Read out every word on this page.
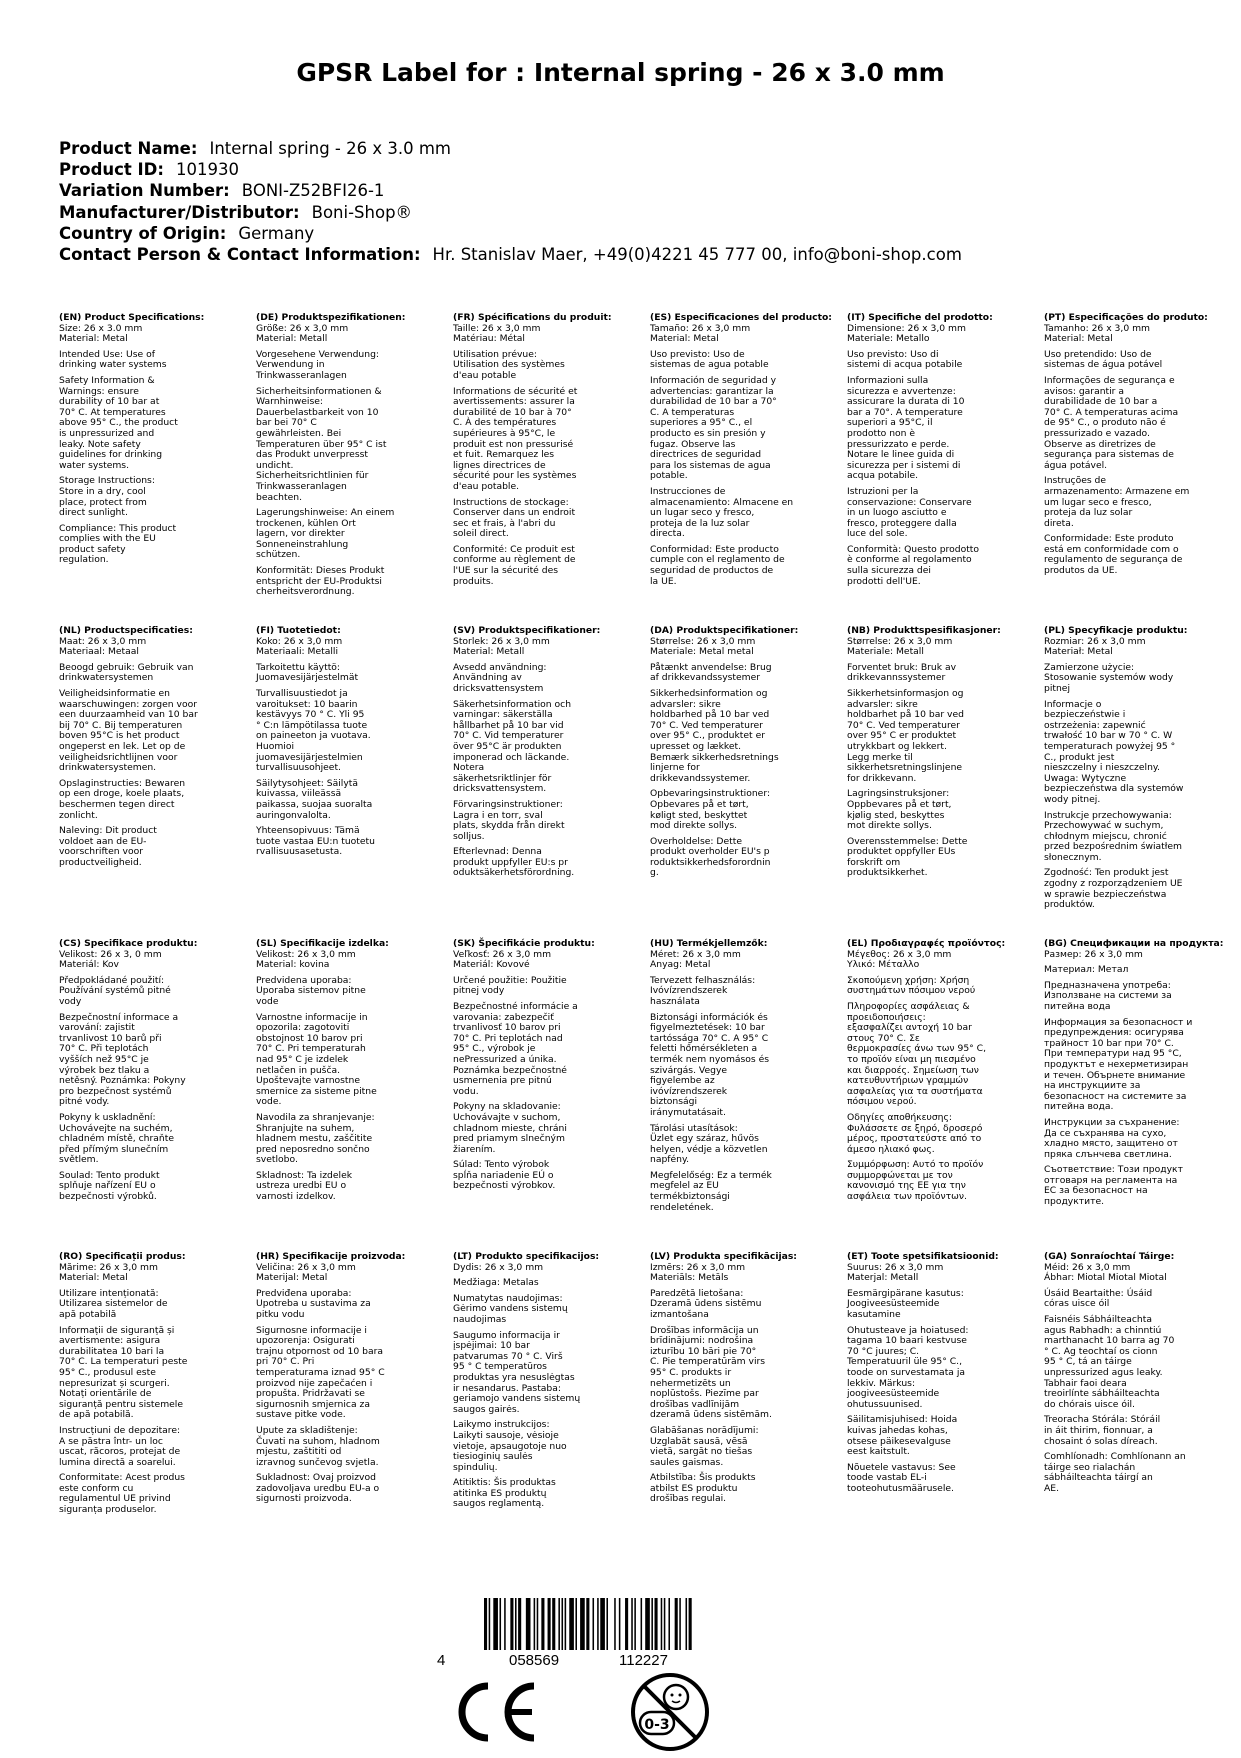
GPSR Label for : Internal spring - 26 x 3.0 mm
Product Name: Internal spring - 26 x 3.0 mm
Product ID: 101930
Variation Number: BONI-Z52BFI26-1
Manufacturer/Distributor: Boni-Shop®
Country of Origin: Germany
Contact Person & Contact Information: Hr. Stanislav Maer, +49(0)4221 45 777 00, info@boni-shop.com
(EN) Product Specifications:
Size: 26 x 3.0 mm
Material: Metal
Intended Use: Use of
drinking water systems
Safety Information &
Warnings: ensure
durability of 10 bar at
70° C. At temperatures
above 95° C., the product
is unpressurized and
leaky. Note safety
guidelines for drinking
water systems.
Storage Instructions:
Store in a dry, cool
place, protect from
direct sunlight.
Compliance: This product
complies with the EU
product safety
regulation.
(DE) Produktspezifikationen:
Größe: 26 x 3,0 mm
Material: Metall
Vorgesehene Verwendung:
Verwendung in
Trinkwasseranlagen
Sicherheitsinformationen &
Warnhinweise:
Dauerbelastbarkeit von 10
bar bei 70° C
gewährleisten. Bei
Temperaturen über 95° C ist
das Produkt unverpresst
undicht.
Sicherheitsrichtlinien für
Trinkwasseranlagen
beachten.
Lagerungshinweise: An einem
trockenen, kühlen Ort
lagern, vor direkter
Sonneneinstrahlung
schützen.
Konformität: Dieses Produkt
entspricht der EU-Produktsi
cherheitsverordnung.
(FR) Spécifications du produit:
Taille: 26 x 3,0 mm
Matériau: Métal
Utilisation prévue:
Utilisation des systèmes
d'eau potable
Informations de sécurité et
avertissements: assurer la
durabilité de 10 bar à 70°
C. À des températures
supérieures à 95°C, le
produit est non pressurisé
et fuit. Remarquez les
lignes directrices de
sécurité pour les systèmes
d'eau potable.
Instructions de stockage:
Conserver dans un endroit
sec et frais, à l'abri du
soleil direct.
Conformité: Ce produit est
conforme au règlement de
l'UE sur la sécurité des
produits.
(ES) Especificaciones del producto:
Tamaño: 26 x 3,0 mm
Material: Metal
Uso previsto: Uso de
sistemas de agua potable
Información de seguridad y
advertencias: garantizar la
durabilidad de 10 bar a 70°
C. A temperaturas
superiores a 95° C., el
producto es sin presión y
fugaz. Observe las
directrices de seguridad
para los sistemas de agua
potable.
Instrucciones de
almacenamiento: Almacene en
un lugar seco y fresco,
proteja de la luz solar
directa.
Conformidad: Este producto
cumple con el reglamento de
seguridad de productos de
la UE.
(IT) Specifiche del prodotto:
Dimensione: 26 x 3,0 mm
Materiale: Metallo
Uso previsto: Uso di
sistemi di acqua potabile
Informazioni sulla
sicurezza e avvertenze:
assicurare la durata di 10
bar a 70°. A temperature
superiori a 95°C, il
prodotto non è
pressurizzato e perde.
Notare le linee guida di
sicurezza per i sistemi di
acqua potabile.
Istruzioni per la
conservazione: Conservare
in un luogo asciutto e
fresco, proteggere dalla
luce del sole.
Conformità: Questo prodotto
è conforme al regolamento
sulla sicurezza dei
prodotti dell'UE.
(PT) Especificações do produto:
Tamanho: 26 x 3,0 mm
Material: Metal
Uso pretendido: Uso de
sistemas de água potável
Informações de segurança e
avisos: garantir a
durabilidade de 10 bar a
70° C. A temperaturas acima
de 95° C., o produto não é
pressurizado e vazado.
Observe as diretrizes de
segurança para sistemas de
água potável.
Instruções de
armazenamento: Armazene em
um lugar seco e fresco,
proteja da luz solar
direta.
Conformidade: Este produto
está em conformidade com o
regulamento de segurança de
produtos da UE.
(NL) Productspecificaties:
Maat: 26 x 3,0 mm
Materiaal: Metaal
Beoogd gebruik: Gebruik van
drinkwatersystemen
Veiligheidsinformatie en
waarschuwingen: zorgen voor
een duurzaamheid van 10 bar
bij 70° C. Bij temperaturen
boven 95°C is het product
ongeperst en lek. Let op de
veiligheidsrichtlijnen voor
drinkwatersystemen.
Opslaginstructies: Bewaren
op een droge, koele plaats,
beschermen tegen direct
zonlicht.
Naleving: Dit product
voldoet aan de EU-
voorschriften voor
productveiligheid.
(FI) Tuotetiedot:
Koko: 26 x 3,0 mm
Materiaali: Metalli
Tarkoitettu käyttö:
Juomavesijärjestelmät
Turvallisuustiedot ja
varoitukset: 10 baarin
kestävyys 70 ° C. Yli 95
° C:n lämpötilassa tuote
on paineeton ja vuotava.
Huomioi
juomavesijärjestelmien
turvallisuusohjeet.
Säilytysohjeet: Säilytä
kuivassa, viileässä
paikassa, suojaa suoralta
auringonvalolta.
Yhteensopivuus: Tämä
tuote vastaa EU:n tuotetu
rvallisuusasetusta.
(SV) Produktspecifikationer:
Storlek: 26 x 3,0 mm
Material: Metall
Avsedd användning:
Användning av
dricksvattensystem
Säkerhetsinformation och
varningar: säkerställa
hållbarhet på 10 bar vid
70° C. Vid temperaturer
över 95°C är produkten
imponerad och läckande.
Notera
säkerhetsriktlinjer för
dricksvattensystem.
Förvaringsinstruktioner:
Lagra i en torr, sval
plats, skydda från direkt
solljus.
Efterlevnad: Denna
produkt uppfyller EU:s pr
oduktsäkerhetsförordning.
(DA) Produktspecifikationer:
Størrelse: 26 x 3,0 mm
Materiale: Metal metal
Påtænkt anvendelse: Brug
af drikkevandssystemer
Sikkerhedsinformation og
advarsler: sikre
holdbarhed på 10 bar ved
70° C. Ved temperaturer
over 95° C., produktet er
upresset og lækket.
Bemærk sikkerhedsretnings
linjerne for
drikkevandssystemer.
Opbevaringsinstruktioner:
Opbevares på et tørt,
køligt sted, beskyttet
mod direkte sollys.
Overholdelse: Dette
produkt overholder EU's p
roduktsikkerhedsforordnin
g.
(NB) Produkttspesifikasjoner:
Størrelse: 26 x 3,0 mm
Materiale: Metall
Forventet bruk: Bruk av
drikkevannssystemer
Sikkerhetsinformasjon og
advarsler: sikre
holdbarhet på 10 bar ved
70° C. Ved temperaturer
over 95° C er produktet
utrykkbart og lekkert.
Legg merke til
sikkerhetsretningslinjene
for drikkevann.
Lagringsinstruksjoner:
Oppbevares på et tørt,
kjølig sted, beskyttes
mot direkte sollys.
Overensstemmelse: Dette
produktet oppfyller EUs
forskrift om
produktsikkerhet.
(PL) Specyfikacje produktu:
Rozmiar: 26 x 3,0 mm
Materiał: Metal
Zamierzone użycie:
Stosowanie systemów wody
pitnej
Informacje o
bezpieczeństwie i
ostrzeżenia: zapewnić
trwałość 10 bar w 70 ° C. W
temperaturach powyżej 95 °
C., produkt jest
nieszczelny i nieszczelny.
Uwaga: Wytyczne
bezpieczeństwa dla systemów
wody pitnej.
Instrukcje przechowywania:
Przechowywać w suchym,
chłodnym miejscu, chronić
przed bezpośrednim światłem
słonecznym.
Zgodność: Ten produkt jest
zgodny z rozporządzeniem UE
w sprawie bezpieczeństwa
produktów.
(CS) Specifikace produktu:
Velikost: 26 x 3, 0 mm
Materiál: Kov
Předpokládané použití:
Používání systémů pitné
vody
Bezpečnostní informace a
varování: zajistit
trvanlivost 10 barů při
70° C. Při teplotách
vyšších než 95°C je
výrobek bez tlaku a
netěsný. Poznámka: Pokyny
pro bezpečnost systémů
pitné vody.
Pokyny k uskladnění:
Uchovávejte na suchém,
chladném místě, chraňte
před přímým slunečním
světlem.
Soulad: Tento produkt
splňuje nařízení EU o
bezpečnosti výrobků.
(SL) Specifikacije izdelka:
Velikost: 26 x 3,0 mm
Material: kovina
Predvidena uporaba:
Uporaba sistemov pitne
vode
Varnostne informacije in
opozorila: zagotoviti
obstojnost 10 barov pri
70° C. Pri temperaturah
nad 95° C je izdelek
netlačen in pušča.
Upoštevajte varnostne
smernice za sisteme pitne
vode.
Navodila za shranjevanje:
Shranjujte na suhem,
hladnem mestu, zaščitite
pred neposredno sončno
svetlobo.
Skladnost: Ta izdelek
ustreza uredbi EU o
varnosti izdelkov.
(SK) Špecifikácie produktu:
Veľkosť: 26 x 3,0 mm
Materiál: Kovové
Určené použitie: Použitie
pitnej vody
Bezpečnostné informácie a
varovania: zabezpečiť
trvanlivosť 10 barov pri
70° C. Pri teplotách nad
95° C., výrobok je
nePressurized a únika.
Poznámka bezpečnostné
usmernenia pre pitnú
vodu.
Pokyny na skladovanie:
Uchovávajte v suchom,
chladnom mieste, chráni
pred priamym slnečným
žiarením.
Súlad: Tento výrobok
spĺňa nariadenie EÚ o
bezpečnosti výrobkov.
(HU) Termékjellemzők:
Méret: 26 x 3,0 mm
Anyag: Metal
Tervezett felhasználás:
Ivóvízrendszerek
használata
Biztonsági információk és
figyelmeztetések: 10 bar
tartóssága 70° C. A 95° C
feletti hőmérsékleten a
termék nem nyomásos és
szivárgás. Vegye
figyelembe az
ivóvízrendszerek
biztonsági
iránymutatásait.
Tárolási utasítások:
Üzlet egy száraz, hűvös
helyen, védje a közvetlen
napfény.
Megfelelőség: Ez a termék
megfelel az EU
termékbiztonsági
rendeletének.
(EL) Προδιαγραφές προϊόντος:
Μέγεθος: 26 x 3,0 mm
Υλικό: Μέταλλο
Σκοπούμενη χρήση: Χρήση
συστημάτων πόσιμου νερού
Πληροφορίες ασφάλειας &
προειδοποιήσεις:
εξασφαλίζει αντοχή 10 bar
στους 70° C. Σε
θερμοκρασίες άνω των 95° C,
το προϊόν είναι μη πιεσμένο
και διαρροές. Σημείωση των
κατευθυντήριων γραμμών
ασφαλείας για τα συστήματα
πόσιμου νερού.
Οδηγίες αποθήκευσης:
Φυλάσσετε σε ξηρό, δροσερό
μέρος, προστατεύστε από το
άμεσο ηλιακό φως.
Συμμόρφωση: Αυτό το προϊόν
συμμορφώνεται με τον
κανονισμό της ΕΕ για την
ασφάλεια των προϊόντων.
(BG) Спецификации на продукта:
Размер: 26 x 3,0 mm
Материал: Метал
Предназначена употреба:
Използване на системи за
питейна вода
Информация за безопасност и
предупреждения: осигурява
трайност 10 bar при 70° C.
При температури над 95 °C,
продуктът е нехерметизиран
и течен. Обърнете внимание
на инструкциите за
безопасност на системите за
питейна вода.
Инструкции за съхранение:
Да се съхранява на сухо,
хладно място, защитено от
пряка слънчева светлина.
Съответствие: Този продукт
отговаря на регламента на
ЕС за безопасност на
продуктите.
(RO) Specificații produs:
Mărime: 26 x 3,0 mm
Material: Metal
Utilizare intenționată:
Utilizarea sistemelor de
apă potabilă
Informații de siguranță și
avertismente: asigura
durabilitatea 10 bari la
70° C. La temperaturi peste
95° C., produsul este
nepresurizat și scurgeri.
Notați orientările de
siguranță pentru sistemele
de apă potabilă.
Instrucțiuni de depozitare:
A se păstra într- un loc
uscat, răcoros, protejat de
lumina directă a soarelui.
Conformitate: Acest produs
este conform cu
regulamentul UE privind
siguranța produselor.
(HR) Specifikacije proizvoda:
Veličina: 26 x 3,0 mm
Materijal: Metal
Predviđena uporaba:
Upotreba u sustavima za
pitku vodu
Sigurnosne informacije i
upozorenja: Osigurati
trajnu otpornost od 10 bara
pri 70° C. Pri
temperaturama iznad 95° C
proizvod nije zapečaćen i
propušta. Pridržavati se
sigurnosnih smjernica za
sustave pitke vode.
Upute za skladištenje:
Čuvati na suhom, hladnom
mjestu, zaštititi od
izravnog sunčevog svjetla.
Sukladnost: Ovaj proizvod
zadovoljava uredbu EU-a o
sigurnosti proizvoda.
(LT) Produkto specifikacijos:
Dydis: 26 x 3,0 mm
Medžiaga: Metalas
Numatytas naudojimas:
Gėrimo vandens sistemų
naudojimas
Saugumo informacija ir
įspėjimai: 10 bar
patvarumas 70 ° C. Virš
95 ° C temperatūros
produktas yra nesuslėgtas
ir nesandarus. Pastaba:
geriamojo vandens sistemų
saugos gairės.
Laikymo instrukcijos:
Laikyti sausoje, vėsioje
vietoje, apsaugotoje nuo
tiesioginių saulės
spindulių.
Atitiktis: Šis produktas
atitinka ES produktų
saugos reglamentą.
(LV) Produkta specifikācijas:
Izmērs: 26 x 3,0 mm
Materiāls: Metāls
Paredzētā lietošana:
Dzeramā ūdens sistēmu
izmantošana
Drošības informācija un
brīdinājumi: nodrošina
izturību 10 bāri pie 70°
C. Pie temperatūrām virs
95° C. produkts ir
nehermetizēts un
noplūstošs. Piezīme par
drošības vadlīnijām
dzeramā ūdens sistēmām.
Glabāšanas norādījumi:
Uzglabāt sausā, vēsā
vietā, sargāt no tiešas
saules gaismas.
Atbilstība: Šis produkts
atbilst ES produktu
drošības regulai.
(ET) Toote spetsifikatsioonid:
Suurus: 26 x 3,0 mm
Materjal: Metall
Eesmärgipärane kasutus:
Joogiveesüsteemide
kasutamine
Ohutusteave ja hoiatused:
tagama 10 baari kestvuse
70 °C juures; C.
Temperatuuril üle 95° C.,
toode on survestamata ja
lekkiv. Märkus:
joogiveesüsteemide
ohutussuunised.
Säilitamisjuhised: Hoida
kuivas jahedas kohas,
otsese päikesevalguse
eest kaitstult.
Nõuetele vastavus: See
toode vastab EL-i
tooteohutusmäärusele.
(GA) Sonraíochtaí Táirge:
Méid: 26 x 3,0 mm
Ábhar: Miotal Miotal Miotal
Úsáid Beartaithe: Úsáid
córas uisce óil
Faisnéis Sábháilteachta
agus Rabhadh: a chinntiú
marthanacht 10 barra ag 70
° C. Ag teochtaí os cionn
95 ° C, tá an táirge
unpressurized agus leaky.
Tabhair faoi deara
treoirlínte sábháilteachta
do chórais uisce óil.
Treoracha Stórála: Stóráil
in áit thirim, fionnuar, a
chosaint ó solas díreach.
Comhlíonadh: Comhlíonann an
táirge seo rialachán
sábháilteachta táirgí an
AE.
4	058569	112227
0-3
